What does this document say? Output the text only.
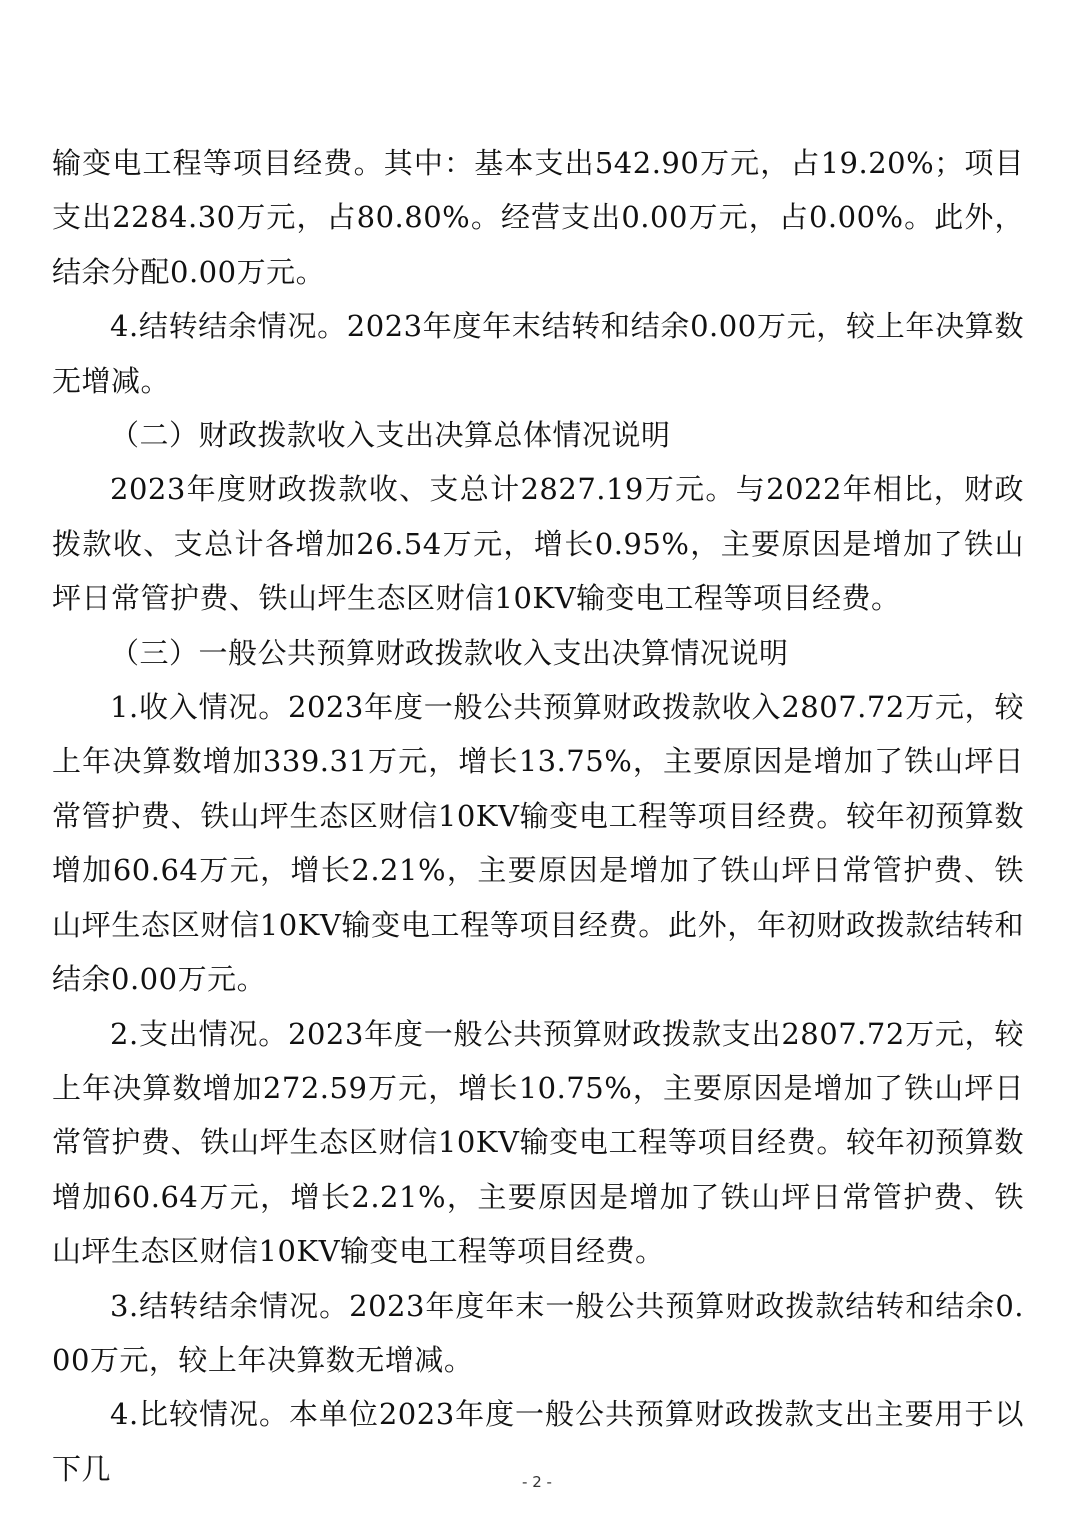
输变电工程等项目经费。其中：基本支出542.90万元，占19.20%；项目支出2284.30万元，占80.80%。经营支出0.00万元，占0.00%。此外，结余分配0.00万元。

4.结转结余情况。2023年度年末结转和结余0.00万元，较上年决算数无增减。

（二）财政拨款收入支出决算总体情况说明

2023年度财政拨款收、支总计2827.19万元。与2022年相比，财政拨款收、支总计各增加26.54万元，增长0.95%，主要原因是增加了铁山坪日常管护费、铁山坪生态区财信10KV输变电工程等项目经费。

（三）一般公共预算财政拨款收入支出决算情况说明

1.收入情况。2023年度一般公共预算财政拨款收入2807.72万元，较上年决算数增加339.31万元，增长13.75%，主要原因是增加了铁山坪日常管护费、铁山坪生态区财信10KV输变电工程等项目经费。较年初预算数增加60.64万元，增长2.21%，主要原因是增加了铁山坪日常管护费、铁山坪生态区财信10KV输变电工程等项目经费。此外，年初财政拨款结转和结余0.00万元。

2.支出情况。2023年度一般公共预算财政拨款支出2807.72万元，较上年决算数增加272.59万元，增长10.75%，主要原因是增加了铁山坪日常管护费、铁山坪生态区财信10KV输变电工程等项目经费。较年初预算数增加60.64万元，增长2.21%，主要原因是增加了铁山坪日常管护费、铁山坪生态区财信10KV输变电工程等项目经费。

3.结转结余情况。2023年度年末一般公共预算财政拨款结转和结余0.00万元，较上年决算数无增减。

4.比较情况。本单位2023年度一般公共预算财政拨款支出主要用于以下几	- 2 -
